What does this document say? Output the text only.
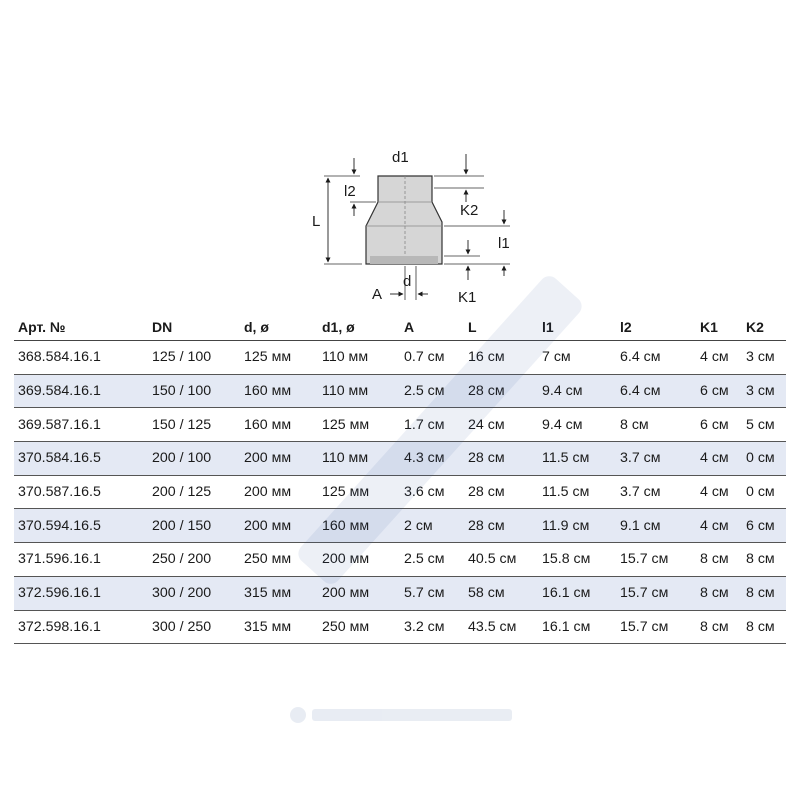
L
l2
d1
K2
l1
K1
d
A
Арт. №	DN	d, ø	d1, ø	A	L	l1	l2	K1	K2
368.584.16.1	125 / 100	125 мм	110 мм	0.7 см	16 см	7 см	6.4 см	4 см	3 см
369.584.16.1	150 / 100	160 мм	110 мм	2.5 см	28 см	9.4 см	6.4 см	6 см	3 см
369.587.16.1	150 / 125	160 мм	125 мм	1.7 см	24 см	9.4 см	8 см	6 см	5 см
370.584.16.5	200 / 100	200 мм	110 мм	4.3 см	28 см	11.5 см	3.7 см	4 см	0 см
370.587.16.5	200 / 125	200 мм	125 мм	3.6 см	28 см	11.5 см	3.7 см	4 см	0 см
370.594.16.5	200 / 150	200 мм	160 мм	2 см	28 см	11.9 см	9.1 см	4 см	6 см
371.596.16.1	250 / 200	250 мм	200 мм	2.5 см	40.5 см	15.8 см	15.7 см	8 см	8 см
372.596.16.1	300 / 200	315 мм	200 мм	5.7 см	58 см	16.1 см	15.7 см	8 см	8 см
372.598.16.1	300 / 250	315 мм	250 мм	3.2 см	43.5 см	16.1 см	15.7 см	8 см	8 см
